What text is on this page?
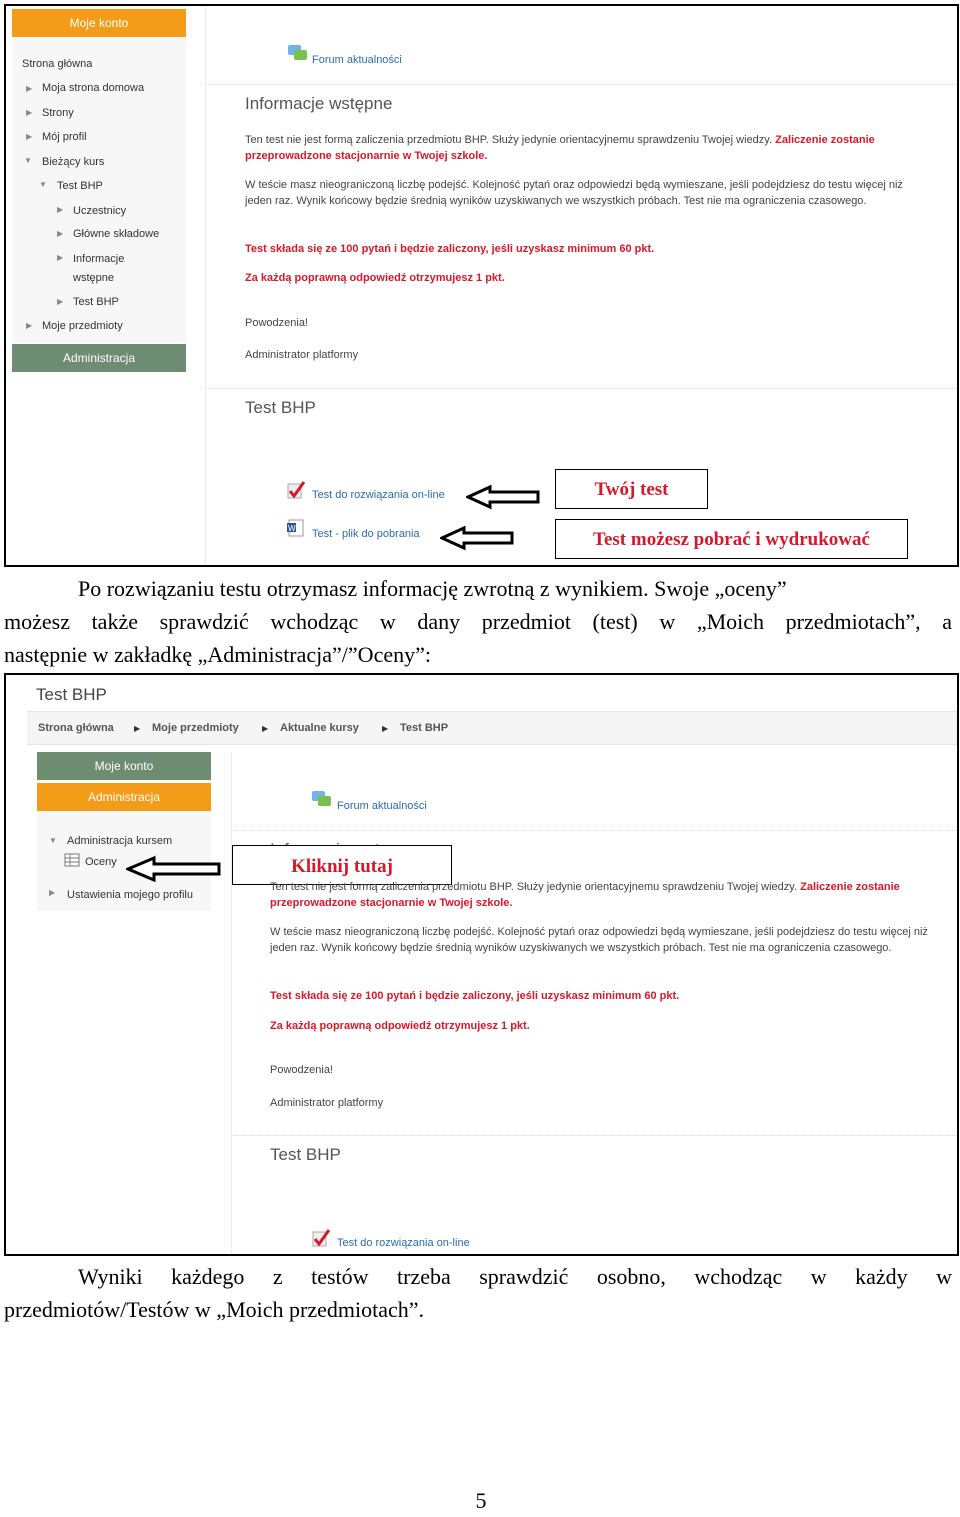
Moje konto
Strona główna
▶ Moja strona domowa
▶ Strony
▶ Mój profil
▼ Bieżący kurs
▼ Test BHP
▶ Uczestnicy
▶ Główne składowe
▶ Informacje
wstępne
▶ Test BHP
▶ Moje przedmioty
Administracja
Forum aktualności
Informacje wstępne
Ten test nie jest formą zaliczenia przedmiotu BHP. Służy jedynie orientacyjnemu sprawdzeniu Twojej wiedzy. Zaliczenie zostanie przeprowadzone stacjonarnie w Twojej szkole.
W teście masz nieograniczoną liczbę podejść. Kolejność pytań oraz odpowiedzi będą wymieszane, jeśli podejdziesz do testu więcej niż jeden raz. Wynik końcowy będzie średnią wyników uzyskiwanych we wszystkich próbach. Test nie ma ograniczenia czasowego.
Test składa się ze 100 pytań i będzie zaliczony, jeśli uzyskasz minimum 60 pkt.
Za każdą poprawną odpowiedź otrzymujesz 1 pkt.
Powodzenia!
Administrator platformy
Test BHP
Test do rozwiązania on-line
W Test - plik do pobrania
Twój test
Test możesz pobrać i wydrukować
Po rozwiązaniu testu otrzymasz informację zwrotną z wynikiem. Swoje „oceny”
możesz także sprawdzić wchodząc w dany przedmiot (test) w „Moich przedmiotach”, a
następnie w zakładkę „Administracja”/”Oceny”:
Test BHP
Strona główna	▶ Moje przedmioty	▶ Aktualne kursy	▶ Test BHP
Moje konto
Administracja
▼ Administracja kursem
Oceny
▶ Ustawienia mojego profilu
Forum aktualności
Kliknij tutaj
Ten test nie jest formą zaliczenia przedmiotu BHP. Służy jedynie orientacyjnemu sprawdzeniu Twojej wiedzy. Zaliczenie zostanie przeprowadzone stacjonarnie w Twojej szkole.
W teście masz nieograniczoną liczbę podejść. Kolejność pytań oraz odpowiedzi będą wymieszane, jeśli podejdziesz do testu więcej niż jeden raz. Wynik końcowy będzie średnią wyników uzyskiwanych we wszystkich próbach. Test nie ma ograniczenia czasowego.
Test składa się ze 100 pytań i będzie zaliczony, jeśli uzyskasz minimum 60 pkt.
Za każdą poprawną odpowiedź otrzymujesz 1 pkt.
Powodzenia!
Administrator platformy
Test BHP
Test do rozwiązania on-line
Wyniki każdego z testów trzeba sprawdzić osobno, wchodząc w każdy w
przedmiotów/Testów w „Moich przedmiotach”.
5
